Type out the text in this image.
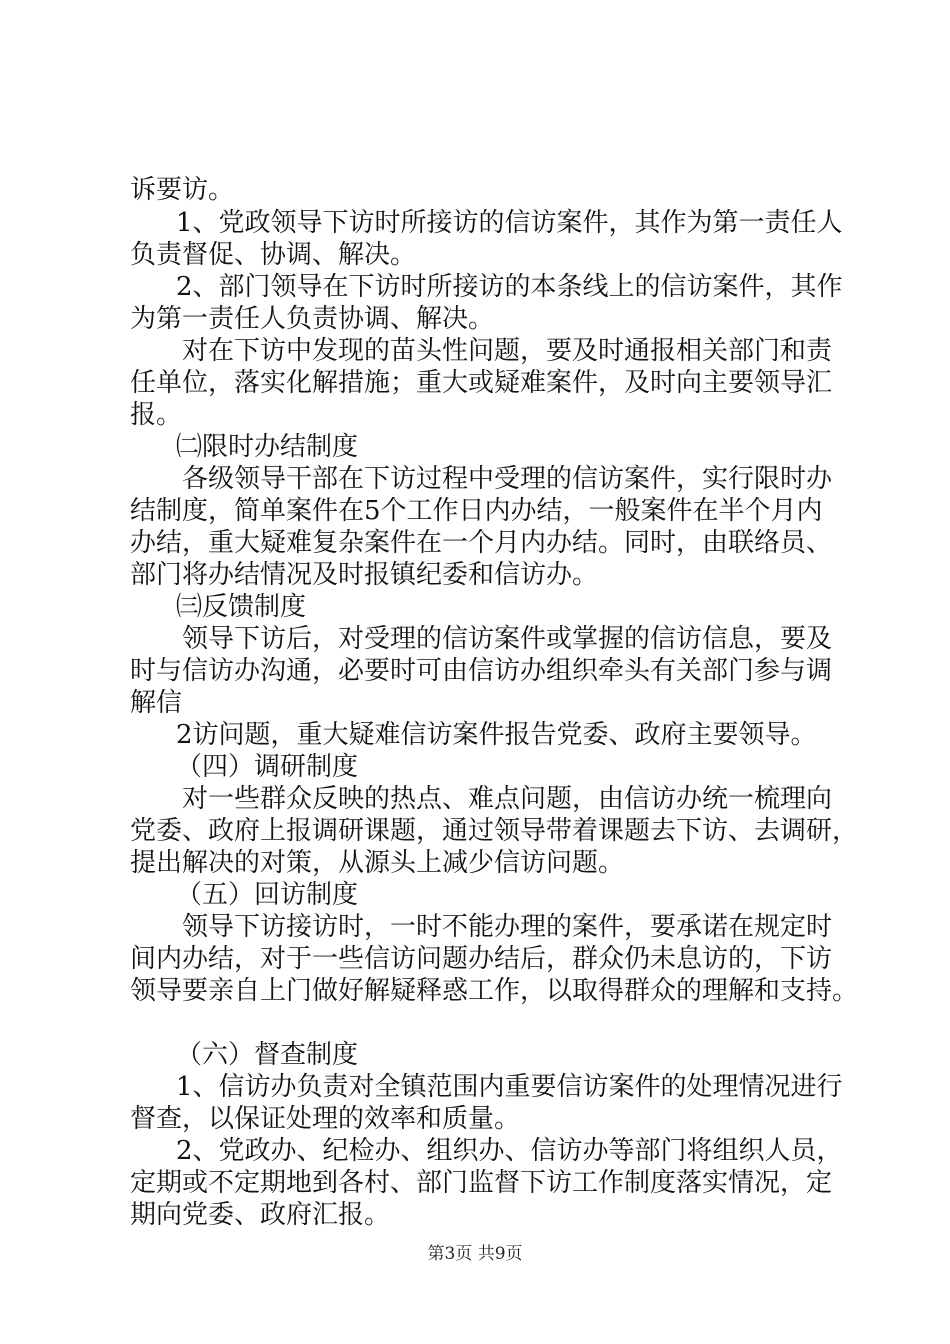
诉要访。
1、党政领导下访时所接访的信访案件，其作为第一责任人
负责督促、协调、解决。
2、部门领导在下访时所接访的本条线上的信访案件，其作
为第一责任人负责协调、解决。
对在下访中发现的苗头性问题，要及时通报相关部门和责
任单位，落实化解措施；重大或疑难案件，及时向主要领导汇
报。
㈡限时办结制度
各级领导干部在下访过程中受理的信访案件，实行限时办
结制度，简单案件在5个工作日内办结，一般案件在半个月内
办结，重大疑难复杂案件在一个月内办结。同时，由联络员、
部门将办结情况及时报镇纪委和信访办。
㈢反馈制度
领导下访后，对受理的信访案件或掌握的信访信息，要及
时与信访办沟通，必要时可由信访办组织牵头有关部门参与调
解信
2访问题，重大疑难信访案件报告党委、政府主要领导。
（四）调研制度
对一些群众反映的热点、难点问题，由信访办统一梳理向
党委、政府上报调研课题，通过领导带着课题去下访、去调研，
提出解决的对策，从源头上减少信访问题。
（五）回访制度
领导下访接访时，一时不能办理的案件，要承诺在规定时
间内办结，对于一些信访问题办结后，群众仍未息访的，下访
领导要亲自上门做好解疑释惑工作，以取得群众的理解和支持。
（六）督查制度
1、信访办负责对全镇范围内重要信访案件的处理情况进行
督查，以保证处理的效率和质量。
2、党政办、纪检办、组织办、信访办等部门将组织人员，
定期或不定期地到各村、部门监督下访工作制度落实情况，定
期向党委、政府汇报。
第3页 共9页
